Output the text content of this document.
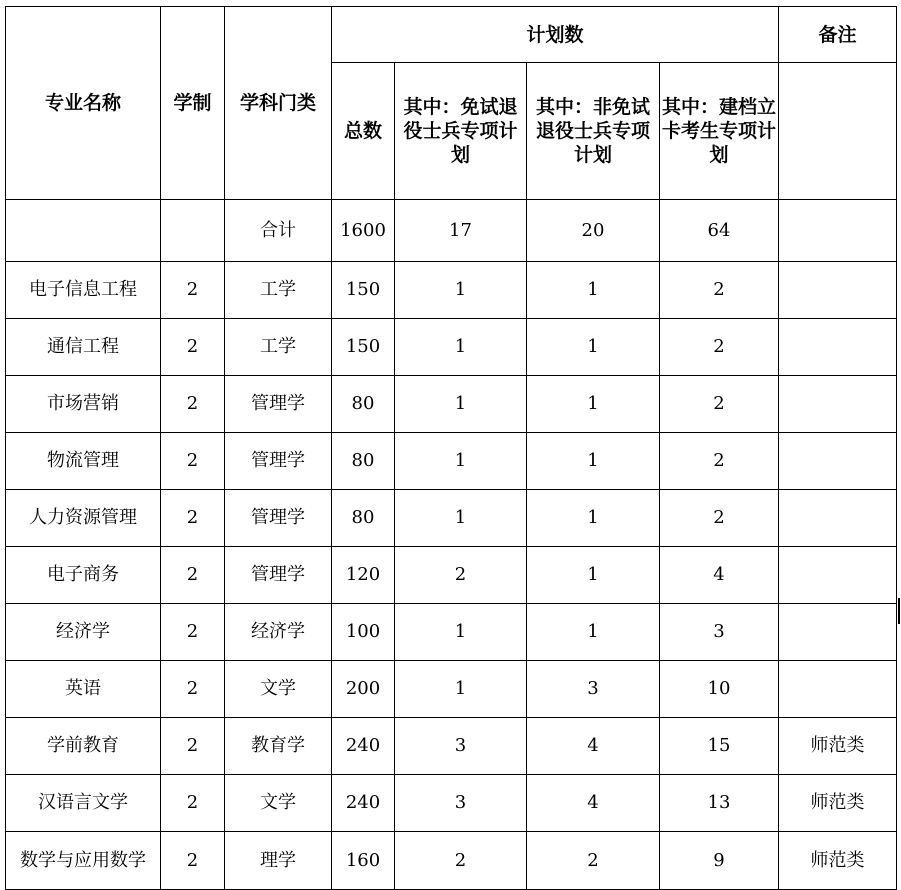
专业名称	学制	学科门类	计划数				备注
			总数	其中：免试退役士兵专项计划	其中：非免试退役士兵专项计划	其中：建档立卡考生专项计划	
		合计	1600	17	20	64	
电子信息工程	2	工学	150	1	1	2	
通信工程	2	工学	150	1	1	2	
市场营销	2	管理学	80	1	1	2	
物流管理	2	管理学	80	1	1	2	
人力资源管理	2	管理学	80	1	1	2	
电子商务	2	管理学	120	2	1	4	
经济学	2	经济学	100	1	1	3	
英语	2	文学	200	1	3	10	
学前教育	2	教育学	240	3	4	15	师范类
汉语言文学	2	文学	240	3	4	13	师范类
数学与应用数学	2	理学	160	2	2	9	师范类
